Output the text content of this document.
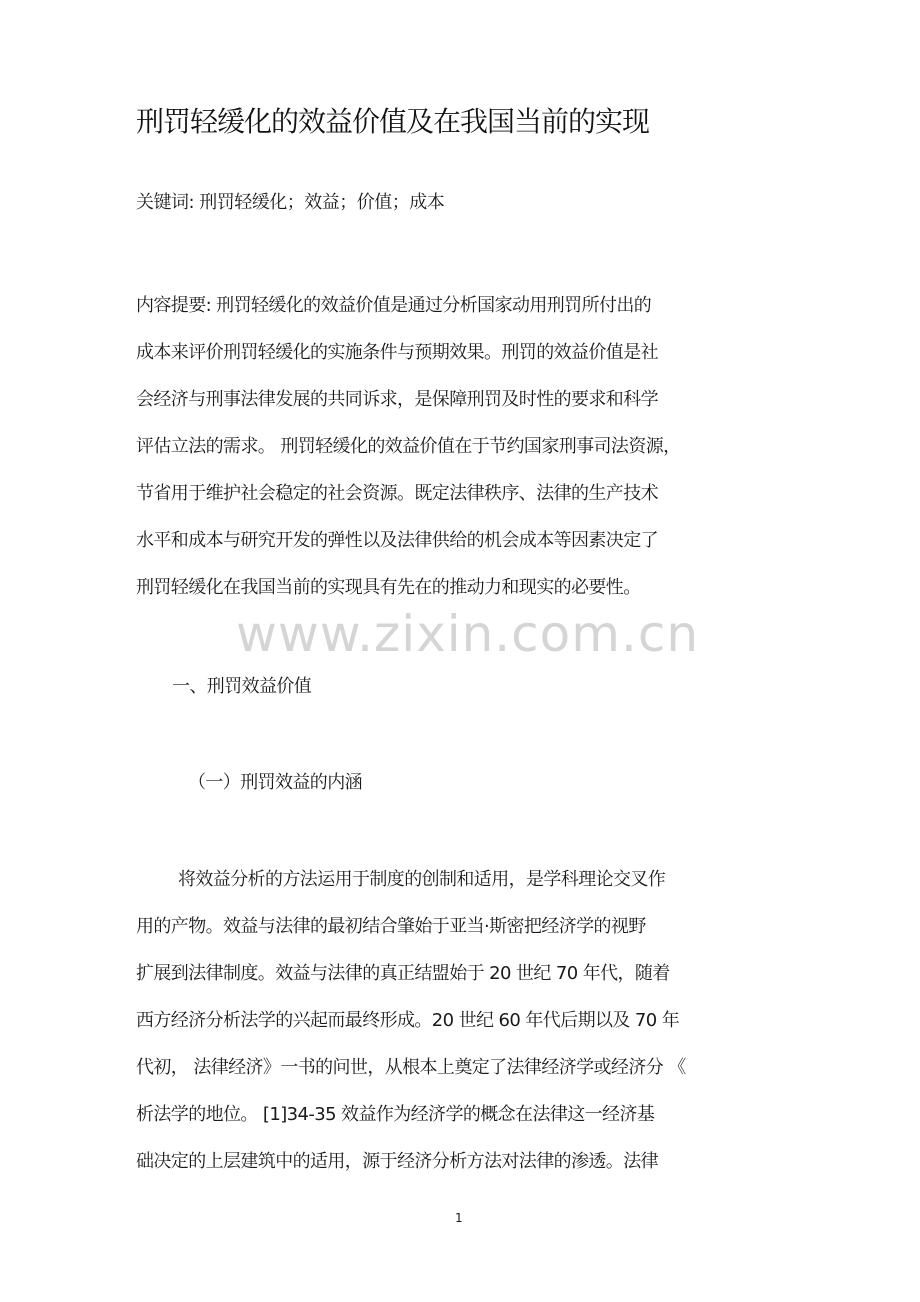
刑罚轻缓化的效益价值及在我国当前的实现
关键词: 刑罚轻缓化；效益；价值；成本
内容提要: 刑罚轻缓化的效益价值是通过分析国家动用刑罚所付出的
成本来评价刑罚轻缓化的实施条件与预期效果。刑罚的效益价值是社
会经济与刑事法律发展的共同诉求，是保障刑罚及时性的要求和科学
评估立法的需求。 刑罚轻缓化的效益价值在于节约国家刑事司法资源，
节省用于维护社会稳定的社会资源。既定法律秩序、法律的生产技术
水平和成本与研究开发的弹性以及法律供给的机会成本等因素决定了
刑罚轻缓化在我国当前的实现具有先在的推动力和现实的必要性。
www.zixin.com.cn
一、刑罚效益价值
（一）刑罚效益的内涵
将效益分析的方法运用于制度的创制和适用，是学科理论交叉作
用的产物。效益与法律的最初结合肇始于亚当·斯密把经济学的视野
扩展到法律制度。效益与法律的真正结盟始于 20 世纪 70 年代，随着
西方经济分析法学的兴起而最终形成。20 世纪 60 年代后期以及 70 年
代初， 法律经济》一书的问世，从根本上奠定了法律经济学或经济分 《
析法学的地位。 [1]34-35 效益作为经济学的概念在法律这一经济基
础决定的上层建筑中的适用，源于经济分析方法对法律的渗透。法律
1
